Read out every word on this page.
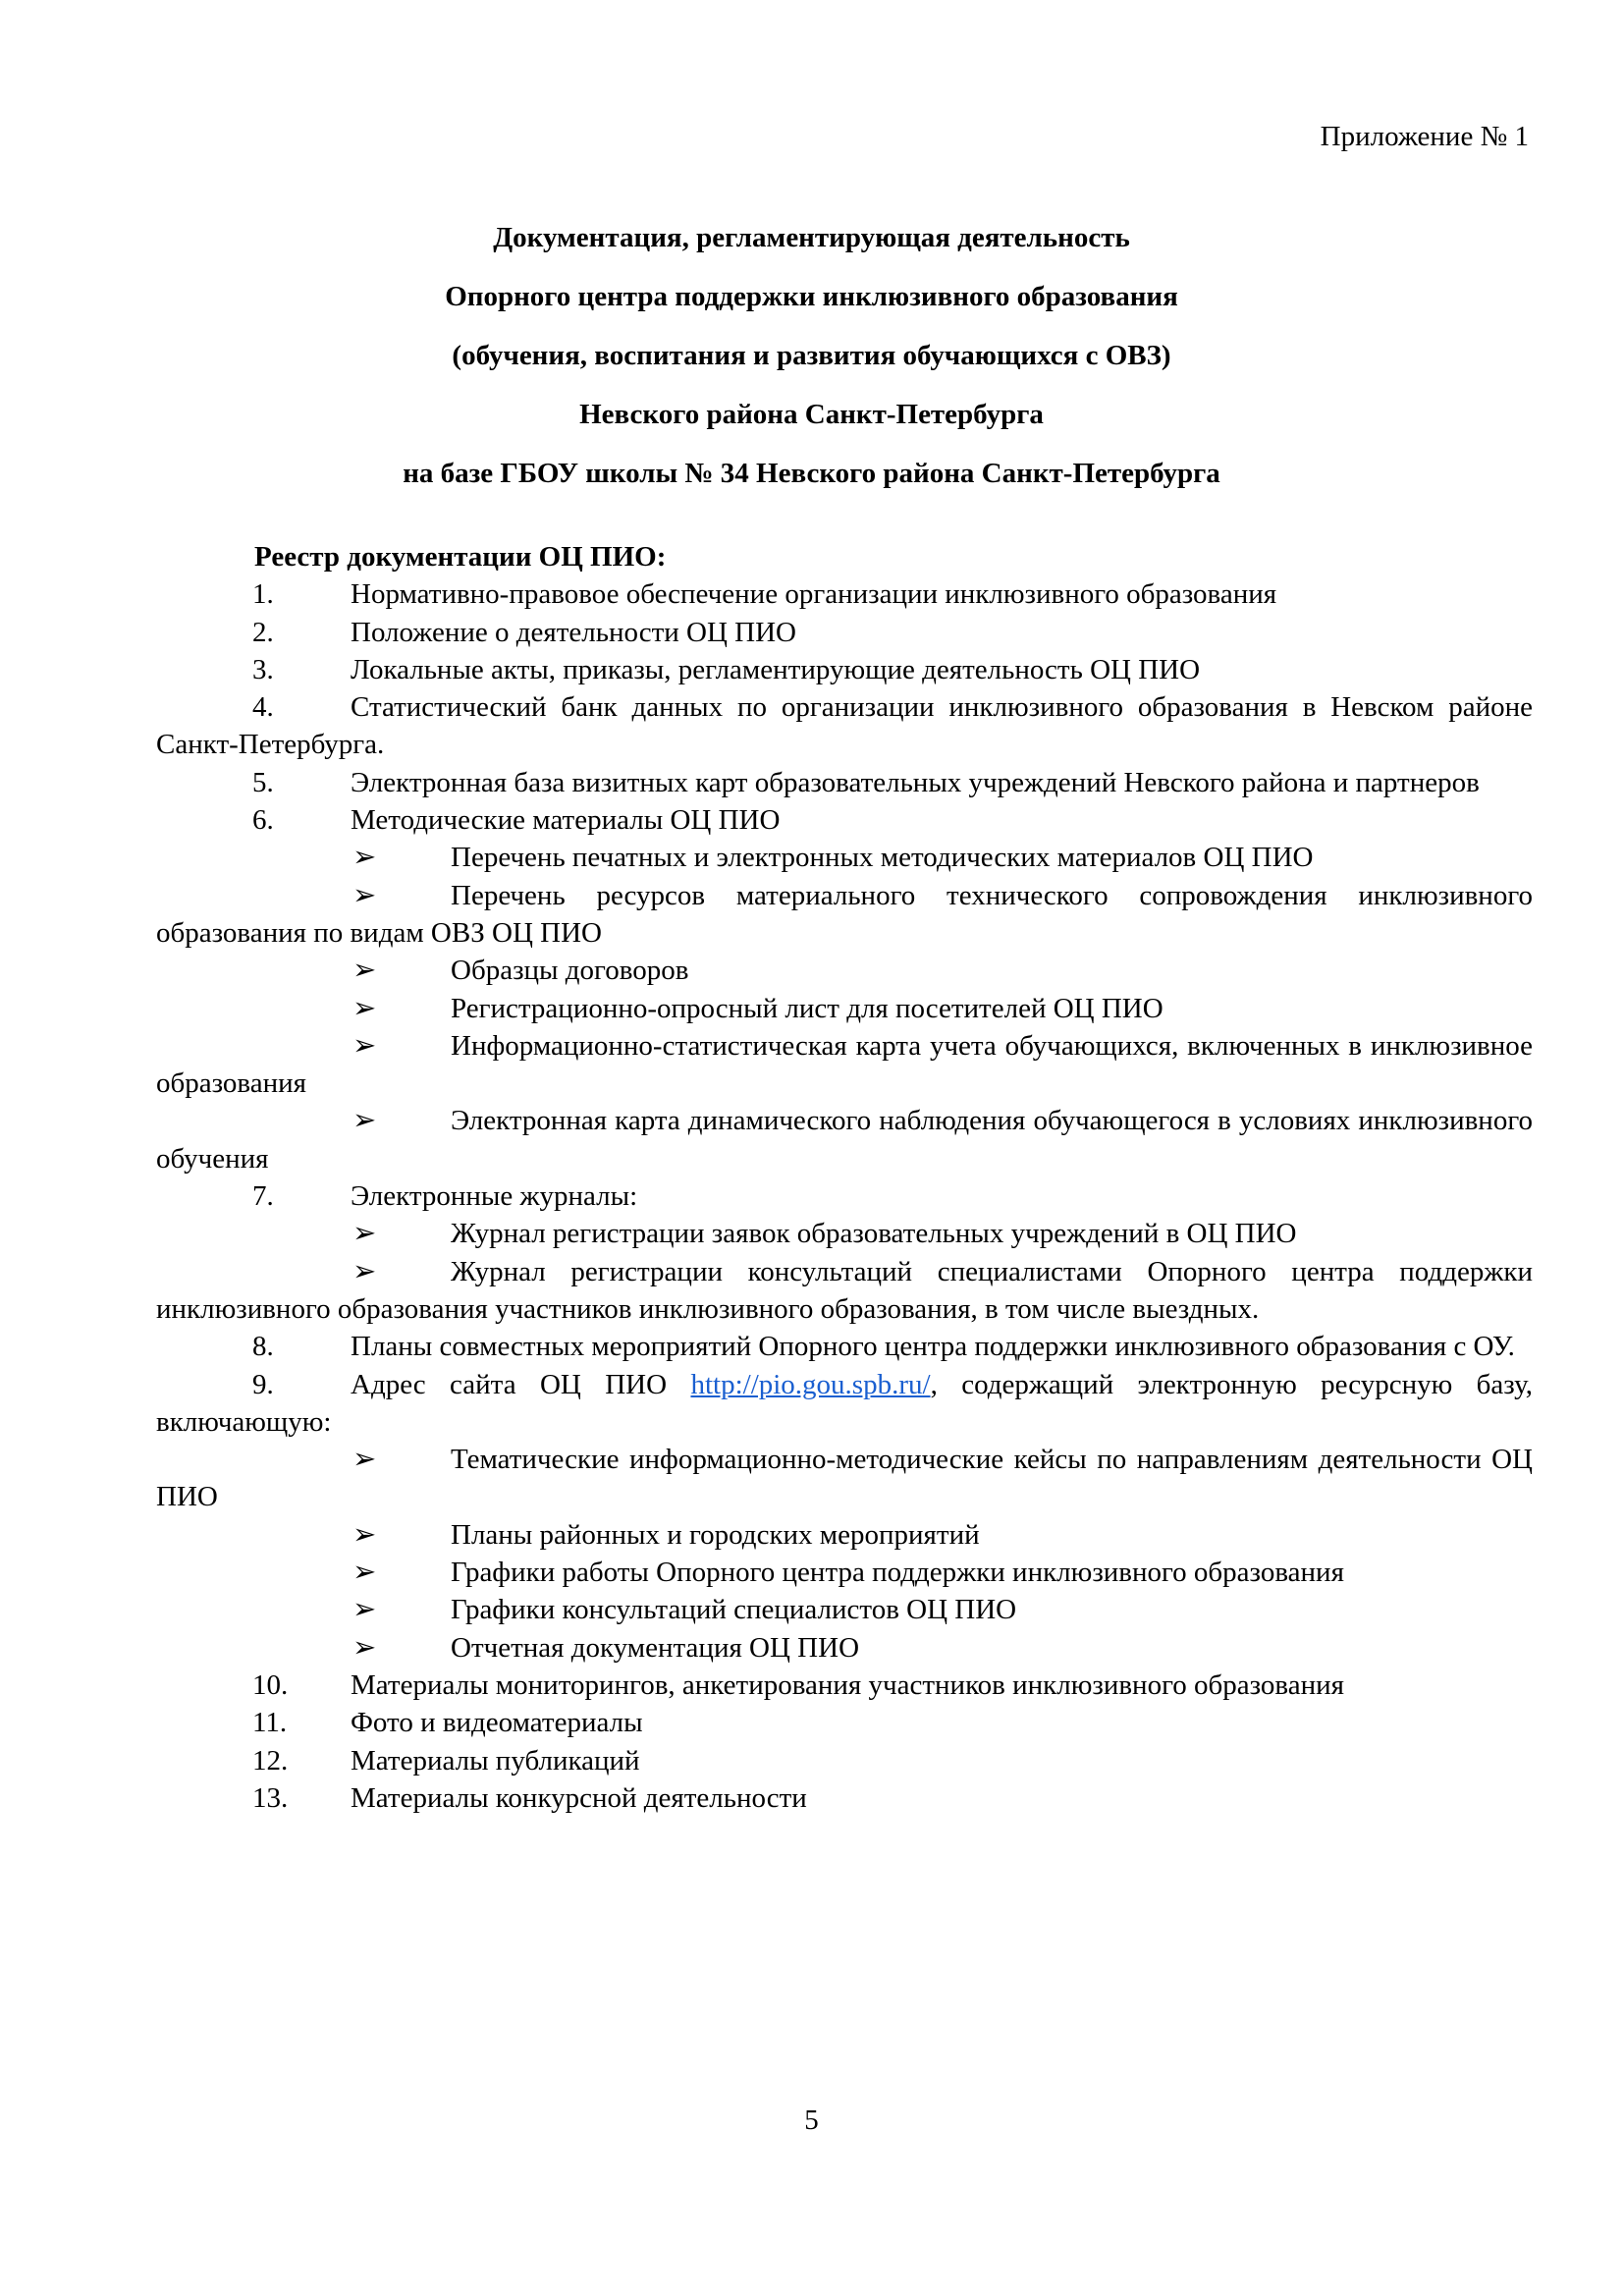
Приложение № 1
Документация, регламентирующая деятельность
Опорного центра поддержки инклюзивного образования
(обучения, воспитания и развития обучающихся с ОВЗ)
Невского района Санкт-Петербурга
на базе ГБОУ школы № 34 Невского района Санкт-Петербурга
Реестр документации ОЦ ПИО:
1.	Нормативно-правовое обеспечение организации инклюзивного образования
2.	Положение о деятельности ОЦ ПИО
3.	Локальные акты, приказы, регламентирующие деятельность ОЦ ПИО
4.	Статистический банк данных по организации инклюзивного образования в Невском районе Санкт-Петербурга.
5.	Электронная база визитных карт образовательных учреждений Невского района и партнеров
6.	Методические материалы ОЦ ПИО
➢	Перечень печатных и электронных методических материалов ОЦ ПИО
➢	Перечень ресурсов материального технического сопровождения инклюзивного образования по видам ОВЗ ОЦ ПИО
➢	Образцы договоров
➢	Регистрационно-опросный лист для посетителей ОЦ ПИО
➢	Информационно-статистическая карта учета обучающихся, включенных в инклюзивное образования
➢	Электронная карта динамического наблюдения обучающегося в условиях инклюзивного обучения
7.	Электронные журналы:
➢	Журнал регистрации заявок образовательных учреждений в ОЦ ПИО
➢	Журнал регистрации консультаций специалистами Опорного центра поддержки инклюзивного образования участников инклюзивного образования, в том числе выездных.
8.	Планы совместных мероприятий Опорного центра поддержки инклюзивного образования с ОУ.
9.	Адрес сайта ОЦ ПИО http://pio.gou.spb.ru/, содержащий электронную ресурсную базу, включающую:
➢	Тематические информационно-методические кейсы по направлениям деятельности ОЦ ПИО
➢	Планы районных и городских мероприятий
➢	Графики работы Опорного центра поддержки инклюзивного образования
➢	Графики консультаций специалистов ОЦ ПИО
➢	Отчетная документация ОЦ ПИО
10. Материалы мониторингов, анкетирования участников инклюзивного образования
11. Фото и видеоматериалы
12. Материалы публикаций
13. Материалы конкурсной деятельности
5
